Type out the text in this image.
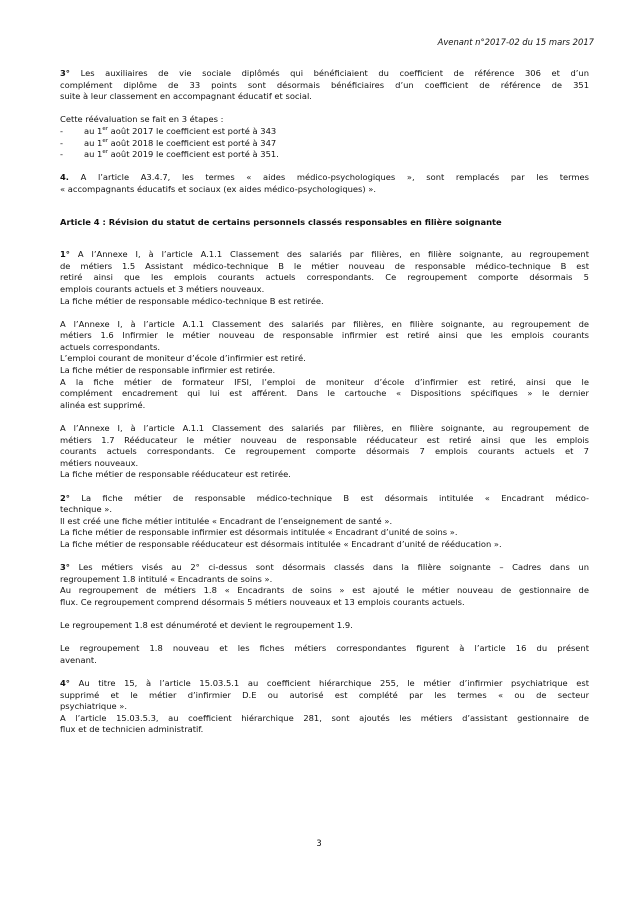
Avenant n°2017-02 du 15 mars 2017
3° Les auxiliaires de vie sociale diplômés qui bénéficiaient du coefficient de référence 306 et d’un
complément diplôme de 33 points sont désormais bénéficiaires d’un coefficient de référence de 351
suite à leur classement en accompagnant éducatif et social.
Cette réévaluation se fait en 3 étapes :
-	au 1er août 2017 le coefficient est porté à 343
-	au 1er août 2018 le coefficient est porté à 347
-	au 1er août 2019 le coefficient est porté à 351.
4. A l’article A3.4.7, les termes « aides médico-psychologiques », sont remplacés par les termes
« accompagnants éducatifs et sociaux (ex aides médico-psychologiques) ».
Article 4 : Révision du statut de certains personnels classés responsables en filière soignante
1° A l’Annexe I, à l’article A.1.1 Classement des salariés par filières, en filière soignante, au regroupement
de métiers 1.5 Assistant médico-technique B le métier nouveau de responsable médico-technique B est
retiré ainsi que les emplois courants actuels correspondants. Ce regroupement comporte désormais 5
emplois courants actuels et 3 métiers nouveaux.
La fiche métier de responsable médico-technique B est retirée.
A l’Annexe I, à l’article A.1.1 Classement des salariés par filières, en filière soignante, au regroupement de
métiers 1.6 Infirmier le métier nouveau de responsable infirmier est retiré ainsi que les emplois courants
actuels correspondants.
L’emploi courant de moniteur d’école d’infirmier est retiré.
La fiche métier de responsable infirmier est retirée.
A la fiche métier de formateur IFSI, l’emploi de moniteur d’école d’infirmier est retiré, ainsi que le
complément encadrement qui lui est afférent. Dans le cartouche « Dispositions spécifiques » le dernier
alinéa est supprimé.
A l’Annexe I, à l’article A.1.1 Classement des salariés par filières, en filière soignante, au regroupement de
métiers 1.7 Rééducateur le métier nouveau de responsable rééducateur est retiré ainsi que les emplois
courants actuels correspondants. Ce regroupement comporte désormais 7 emplois courants actuels et 7
métiers nouveaux.
La fiche métier de responsable rééducateur est retirée.
2° La fiche métier de responsable médico-technique B est désormais intitulée « Encadrant médico-
technique ».
Il est créé une fiche métier intitulée « Encadrant de l’enseignement de santé ».
La fiche métier de responsable infirmier est désormais intitulée « Encadrant d’unité de soins ».
La fiche métier de responsable rééducateur est désormais intitulée « Encadrant d’unité de rééducation ».
3° Les métiers visés au 2° ci-dessus sont désormais classés dans la filière soignante – Cadres dans un
regroupement 1.8 intitulé « Encadrants de soins ».
Au regroupement de métiers 1.8 « Encadrants de soins » est ajouté le métier nouveau de gestionnaire de
flux. Ce regroupement comprend désormais 5 métiers nouveaux et 13 emplois courants actuels.
Le regroupement 1.8 est dénuméroté et devient le regroupement 1.9.
Le regroupement 1.8 nouveau et les fiches métiers correspondantes figurent à l’article 16 du présent
avenant.
4° Au titre 15, à l’article 15.03.5.1 au coefficient hiérarchique 255, le métier d’infirmier psychiatrique est
supprimé et le métier d’infirmier D.E ou autorisé est complété par les termes « ou de secteur
psychiatrique ».
A l’article 15.03.5.3, au coefficient hiérarchique 281, sont ajoutés les métiers d’assistant gestionnaire de
flux et de technicien administratif.
3
